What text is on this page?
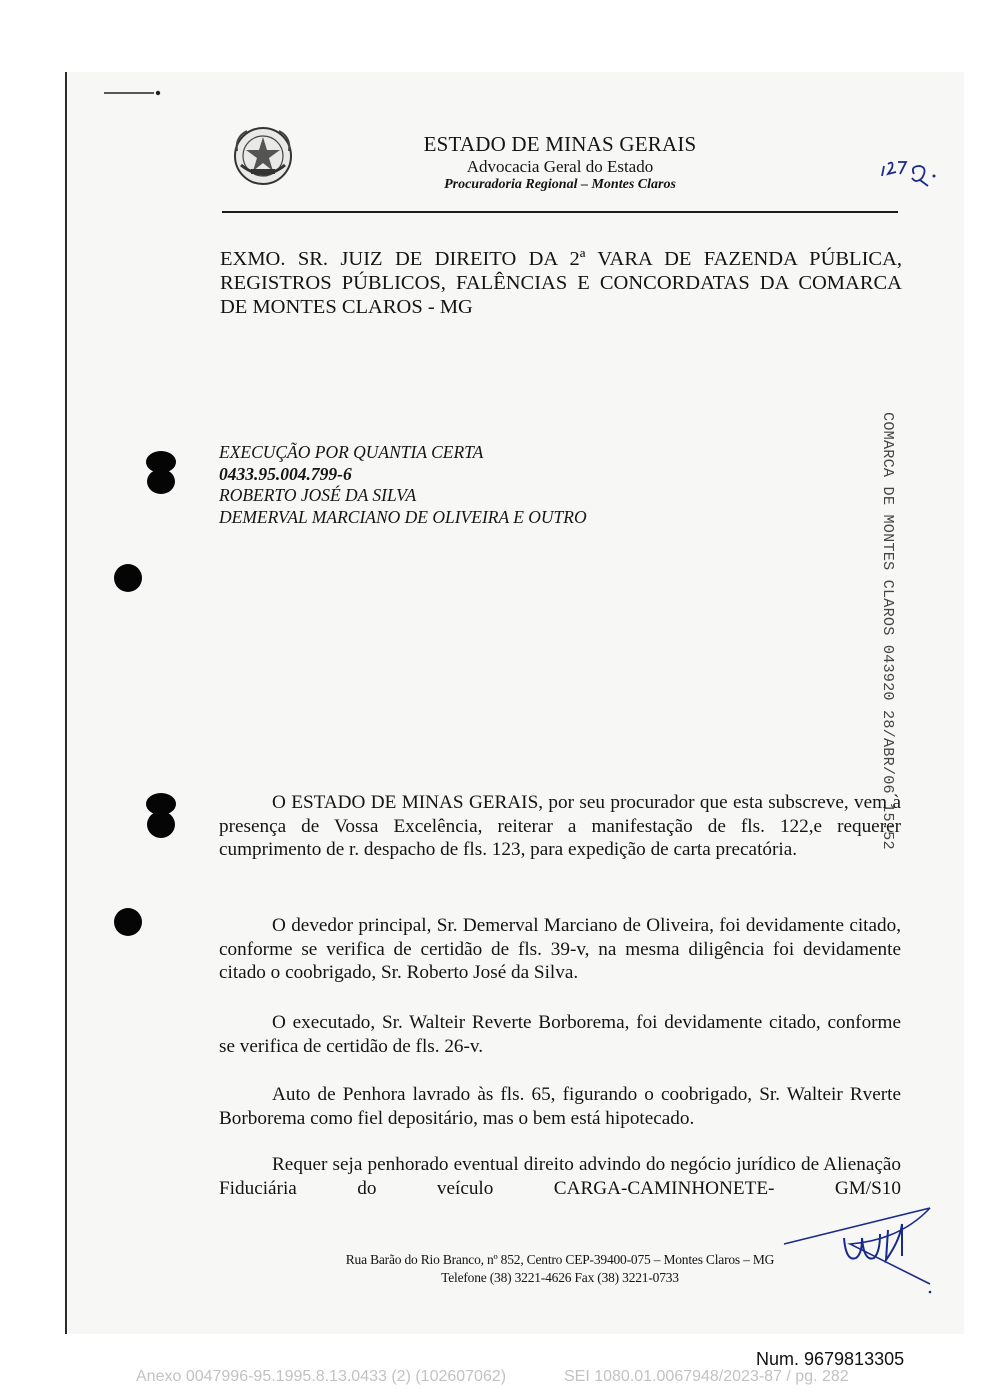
ESTADO DE MINAS GERAIS
Advocacia Geral do Estado
Procuradoria Regional – Montes Claros
EXMO. SR. JUIZ DE DIREITO DA 2ª VARA DE FAZENDA PÚBLICA, REGISTROS PÚBLICOS, FALÊNCIAS E CONCORDATAS DA COMARCA DE MONTES CLAROS - MG
EXECUÇÃO POR QUANTIA CERTA
0433.95.004.799-6
ROBERTO JOSÉ DA SILVA
DEMERVAL MARCIANO DE OLIVEIRA E OUTRO	COMARCA DE MONTES CLAROS 043920 28/ABR/06 15:52
O ESTADO DE MINAS GERAIS, por seu procurador que esta subscreve, vem à presença de Vossa Excelência, reiterar a manifestação de fls. 122,e requerer cumprimento de r. despacho de fls. 123, para expedição de carta precatória.
O devedor principal, Sr. Demerval Marciano de Oliveira, foi devidamente citado, conforme se verifica de certidão de fls. 39-v, na mesma diligência foi devidamente citado o coobrigado, Sr. Roberto José da Silva.
O executado, Sr. Walteir Reverte Borborema, foi devidamente citado, conforme se verifica de certidão de fls. 26-v.
Auto de Penhora lavrado às fls. 65, figurando o coobrigado, Sr. Walteir Rverte Borborema como fiel depositário, mas o bem está hipotecado.
Requer seja penhorado eventual direito advindo do negócio jurídico de Alienação Fiduciária do veículo CARGA-CAMINHONETE- GM/S10
Rua Barão do Rio Branco, nº 852, Centro CEP-39400-075 – Montes Claros – MG
Telefone (38) 3221-4626 Fax (38) 3221-0733
Num. 9679813305
Anexo 0047996-95.1995.8.13.0433 (2) (102607062)	SEI 1080.01.0067948/2023-87 / pg. 282
